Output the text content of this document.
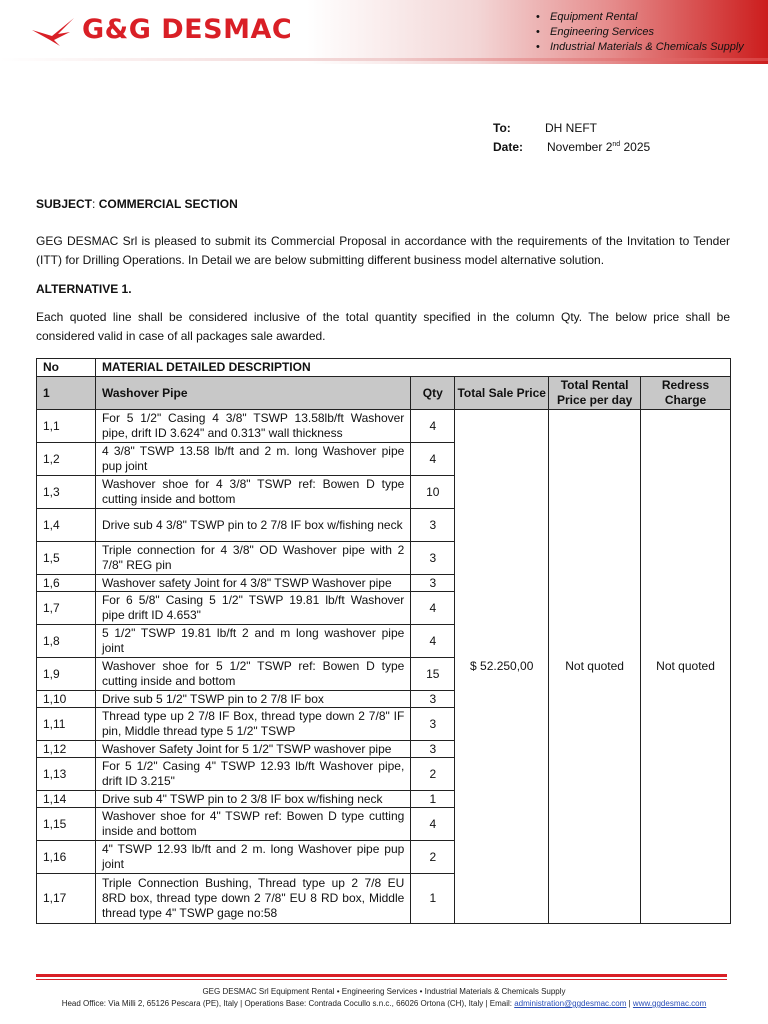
G&G DESMAC	• Equipment Rental
• Engineering Services
• Industrial Materials & Chemicals Supply
To:	DH NEFT
Date: November 2nd 2025
SUBJECT: COMMERCIAL SECTION

GEG DESMAC Srl is pleased to submit its Commercial Proposal in accordance with the requirements of the Invitation to Tender (ITT) for Drilling Operations. In Detail we are below submitting different business model alternative solution.

ALTERNATIVE 1.

Each quoted line shall be considered inclusive of the total quantity specified in the column Qty. The below price shall be considered valid in case of all packages sale awarded.

No	MATERIAL DETAILED DESCRIPTION				
1	Washover Pipe	Qty	Total Sale Price	Total Rental Price per day	Redress Charge
1,1	For 5 1/2" Casing 4 3/8" TSWP 13.58lb/ft Washover pipe, drift ID 3.624" and 0.313" wall thickness	4	$ 52.250,00	Not quoted	Not quoted
1,2	4 3/8" TSWP 13.58 lb/ft and 2 m. long Washover pipe pup joint	4			
1,3	Washover shoe for 4 3/8" TSWP ref: Bowen D type cutting inside and bottom	10			
1,4	Drive sub 4 3/8" TSWP pin to 2 7/8 IF box w/fishing neck	3			
1,5	Triple connection for 4 3/8" OD Washover pipe with 2 7/8" REG pin	3			
1,6	Washover safety Joint for 4 3/8" TSWP Washover pipe	3			
1,7	For 6 5/8" Casing 5 1/2" TSWP 19.81 lb/ft Washover pipe drift ID 4.653"	4			
1,8	5 1/2" TSWP 19.81 lb/ft 2 and m long washover pipe joint	4			
1,9	Washover shoe for 5 1/2" TSWP ref: Bowen D type cutting inside and bottom	15			
1,10	Drive sub 5 1/2" TSWP pin to 2 7/8 IF box	3			
1,11	Thread type up 2 7/8 IF Box, thread type down 2 7/8" IF pin, Middle thread type 5 1/2" TSWP	3			
1,12	Washover Safety Joint for 5 1/2" TSWP washover pipe	3			
1,13	For 5 1/2" Casing 4" TSWP 12.93 lb/ft Washover pipe, drift ID 3.215"	2			
1,14	Drive sub 4" TSWP pin to 2 3/8 IF box w/fishing neck	1			
1,15	Washover shoe for 4" TSWP ref: Bowen D type cutting inside and bottom	4			
1,16	4" TSWP 12.93 lb/ft and 2 m. long Washover pipe pup joint	2			
1,17	Triple Connection Bushing, Thread type up 2 7/8 EU 8RD box, thread type down 2 7/8" EU 8 RD box, Middle thread type 4" TSWP gage no:58	1			
GEG DESMAC Srl Equipment Rental • Engineering Services • Industrial Materials & Chemicals Supply
Head Office: Via Milli 2, 65126 Pescara (PE), Italy | Operations Base: Contrada Cocullo s.n.c., 66026 Ortona (CH), Italy | Email: administration@ggdesmac.com | www.ggdesmac.com
